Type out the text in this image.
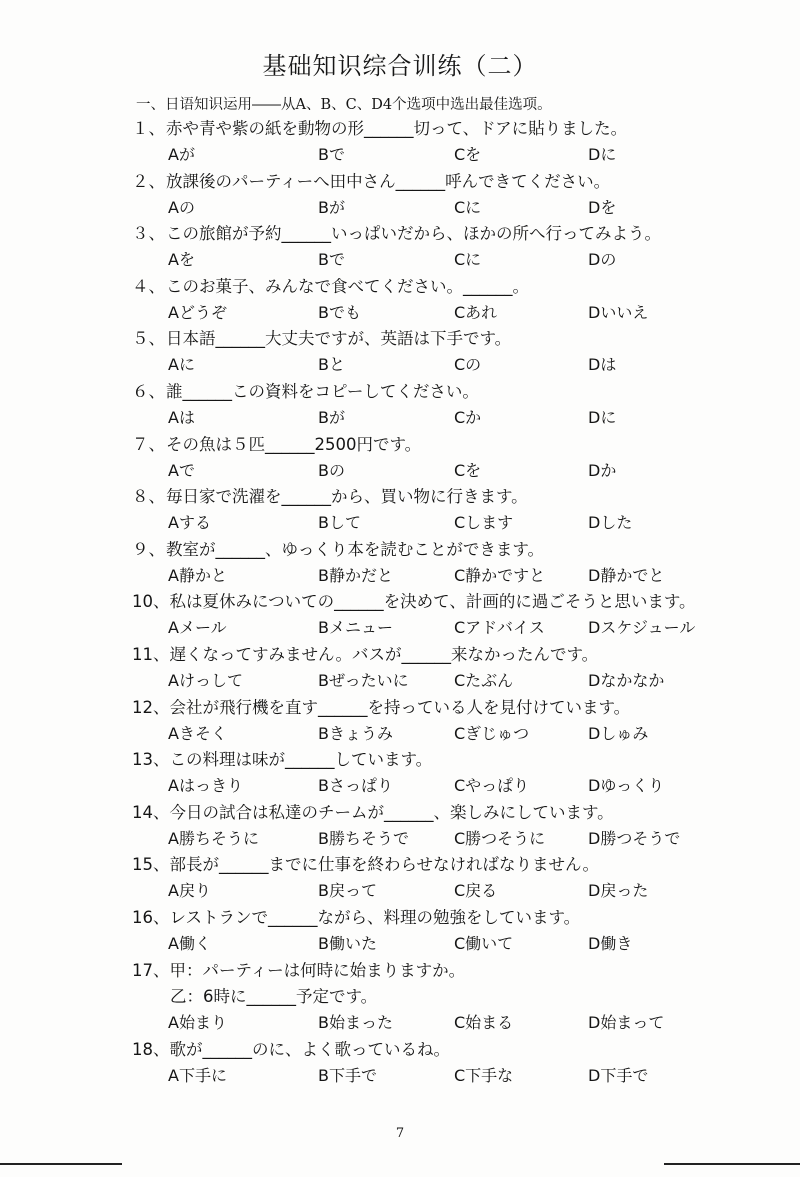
基础知识综合训练（二）
一、日语知识运用――从A、B、C、D4个选项中选出最佳选项。
１、赤や青や紫の紙を動物の形______切って、ドアに貼りました。
Aが	Bで	Cを	Dに
２、放課後のパーティーへ田中さん______呼んできてください。
Aの	Bが	Cに	Dを
３、この旅館が予約______いっぱいだから、ほかの所へ行ってみよう。
Aを	Bで	Cに	Dの
４、このお菓子、みんなで食べてください。______。
Aどうぞ	Bでも	Cあれ	Dいいえ
５、日本語______大丈夫ですが、英語は下手です。
Aに	Bと	Cの	Dは
６、誰______この資料をコピーしてください。
Aは	Bが	Cか	Dに
７、その魚は５匹______2500円です。
Aで	Bの	Cを	Dか
８、毎日家で洗濯を______から、買い物に行きます。
Aする	Bして	Cします	Dした
９、教室が______、ゆっくり本を読むことができます。
A静かと	B静かだと	C静かですと	D静かでと
10、私は夏休みについての______を決めて、計画的に過ごそうと思います。
Aメール	Bメニュー	Cアドバイス	Dスケジュール
11、遅くなってすみません。バスが______来なかったんです。
Aけっして	Bぜったいに	Cたぶん	Dなかなか
12、会社が飛行機を直す______を持っている人を見付けています。
Aきそく	Bきょうみ	Cぎじゅつ	Dしゅみ
13、この料理は味が______しています。
Aはっきり	Bさっぱり	Cやっぱり	Dゆっくり
14、今日の試合は私達のチームが______、楽しみにしています。
A勝ちそうに	B勝ちそうで	C勝つそうに	D勝つそうで
15、部長が______までに仕事を終わらせなければなりません。
A戻り	B戻って	C戻る	D戻った
16、レストランで______ながら、料理の勉強をしています。
A働く	B働いた	C働いて	D働き
17、甲：パーティーは何時に始まりますか。
乙：6時に______予定です。
A始まり	B始まった	C始まる	D始まって
18、歌が______のに、よく歌っているね。
A下手に	B下手で	C下手な	D下手で
7
